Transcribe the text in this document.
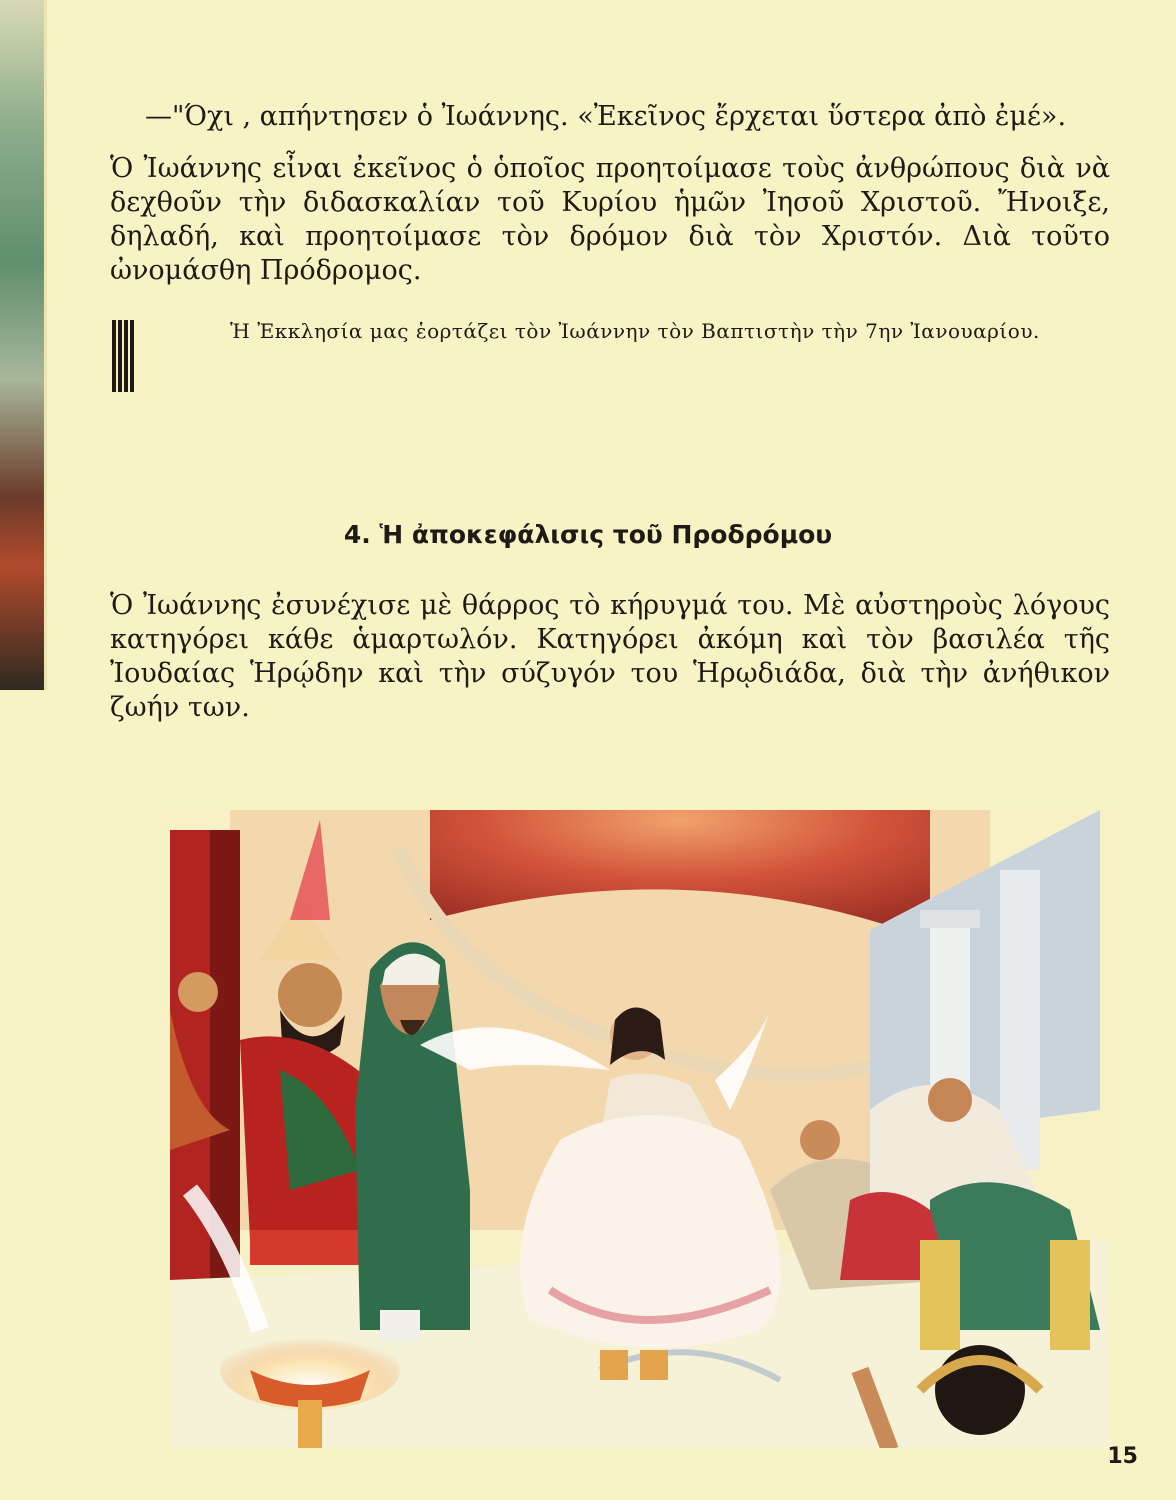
—"Όχι , απήντησεν ὁ Ἰωάννης. «Ἐκεῖνος ἔρχεται ὕστερα ἀπὸ ἐμέ».

Ὁ Ἰωάννης εἶναι ἐκεῖνος ὁ ὁποῖος προητοίμασε τοὺς ἀνθρώπους διὰ νὰ δεχθοῦν τὴν διδασκαλίαν τοῦ Κυρίου ἡμῶν Ἰησοῦ Χριστοῦ. Ἤνοιξε, δηλαδή, καὶ προητοίμασε τὸν δρόμον διὰ τὸν Χριστόν. Διὰ τοῦτο ὠνομάσθη Πρόδρομος.

Ἡ Ἐκκλησία μας ἑορτάζει τὸν Ἰωάννην τὸν Βαπτιστὴν τὴν 7ην Ἰανουαρίου.

4. Ἡ ἀποκεφάλισις τοῦ Προδρόμου

Ὁ Ἰωάννης ἐσυνέχισε μὲ θάρρος τὸ κήρυγμά του. Μὲ αὐστηροὺς λόγους κατηγόρει κάθε ἁμαρτωλόν. Κατηγόρει ἀκόμη καὶ τὸν βασιλέα τῆς Ἰουδαίας Ἡρῴδην καὶ τὴν σύζυγόν του Ἡρῳδιάδα, διὰ τὴν ἀνήθικον ζωήν των.

15
